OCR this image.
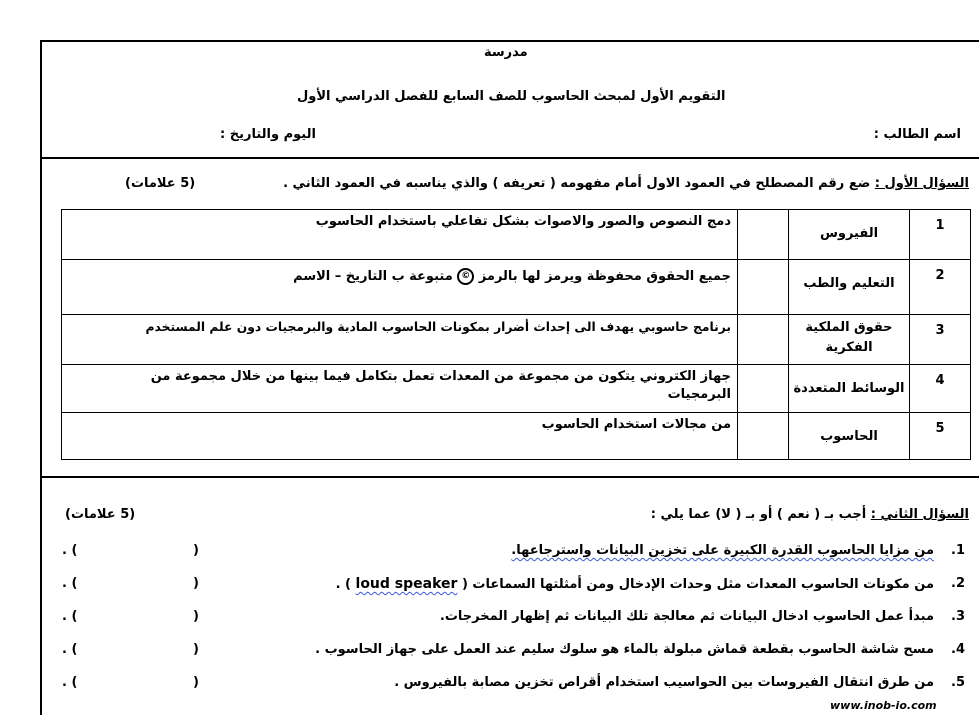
مدرسة
التقويم الأول لمبحث الحاسوب للصف السابع للفصل الدراسي الأول
اسم الطالب :
اليوم والتاريخ :
السؤال الأول : ضع رقم المصطلح في العمود الاول أمام مفهومه ( تعريفه ) والذي يناسبه في العمود الثاني .
(5 علامات)
1	الفيروس		دمج النصوص والصور والاصوات بشكل تفاعلي باستخدام الحاسوب
2	التعليم والطب		جميع الحقوق محفوظة ويرمز لها بالرمز © متبوعة ب التاريخ – الاسم
3	حقوق الملكية الفكرية		برنامج حاسوبي يهدف الى إحداث أضرار بمكونات الحاسوب المادية والبرمجيات دون علم المستخدم
4	الوسائط المتعددة		جهاز الكتروني يتكون من مجموعة من المعدات تعمل بتكامل فيما بينها من خلال مجموعة من البرمجيات
5	الحاسوب		من مجالات استخدام الحاسوب
السؤال الثاني : أجب بـ ( نعم ) أو بـ ( لا) عما يلي :
(5 علامات)
1.
من مزايا الحاسوب القدرة الكبيرة على تخزين البيانات واسترجاعها.
(
) .
2.
من مكونات الحاسوب المعدات مثل وحدات الإدخال ومن أمثلتها السماعات ( loud speaker ) .
(
) .
3.
مبدأ عمل الحاسوب ادخال البيانات ثم معالجة تلك البيانات ثم إظهار المخرجات.
(
) .
4.
مسح شاشة الحاسوب بقطعة قماش مبلولة بالماء هو سلوك سليم عند العمل على جهاز الحاسوب .
(
) .
5.
من طرق انتقال الفيروسات بين الحواسيب استخدام أقراص تخزين مصابة بالفيروس .
(
) .
www.inob-io.com
